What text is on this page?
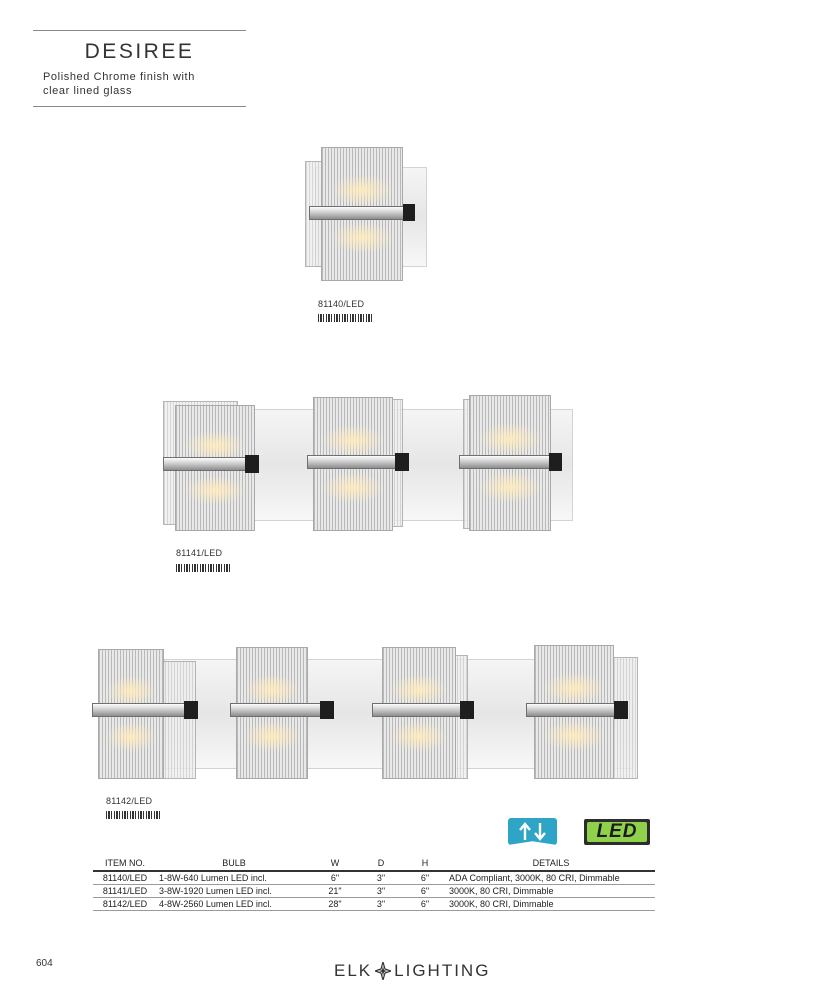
DESIREE
Polished Chrome finish with
clear lined glass
81140/LED
81141/LED
81142/LED
LED
ITEM NO.	BULB	W	D	H	DETAILS
81140/LED	1-8W-640 Lumen LED incl.	6"	3"	6"	ADA Compliant, 3000K, 80 CRI, Dimmable
81141/LED	3-8W-1920 Lumen LED incl.	21"	3"	6"	3000K, 80 CRI, Dimmable
81142/LED	4-8W-2560 Lumen LED incl.	28"	3"	6"	3000K, 80 CRI, Dimmable
604	ELK LIGHTING
